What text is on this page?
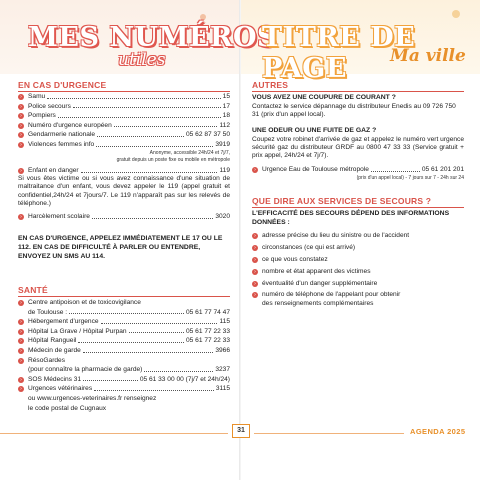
MES NUMÉROS
utiles
TITRE DE PAGE	Ma ville
EN CAS D'URGENCE
› Samu	15
› Police secours	17
› Pompiers	18
› Numéro d'urgence européen	112
› Gendarmerie nationale	05 62 87 37 50
› Violences femmes info	3919
Anonyme, accessible 24h/24 et 7j/7,
gratuit depuis un poste fixe ou mobile en métropole
› Enfant en danger	119
Si vous êtes victime ou si vous avez connaissance d'une situation de maltraitance d'un enfant, vous devez appeler le 119 (appel gratuit et confidentiel,24h/24 et 7jours/7. Le 119 n'apparaît pas sur les relevés de téléphone.)
› Harcèlement scolaire	3020
EN CAS D'URGENCE, APPELEZ IMMÉDIATEMENT LE 17 OU LE 112. EN CAS DE DIFFICULTÉ À PARLER OU ENTENDRE, ENVOYEZ UN SMS AU 114.
SANTÉ
› Centre antipoison et de toxicovigilance
de Toulouse :	05 61 77 74 47
› Hébergement d'urgence	115
› Hôpital La Grave / Hôpital Purpan	05 61 77 22 33
› Hôpital Rangueil	05 61 77 22 33
› Médecin de garde	3966
› RésoGardes
(pour connaître la pharmacie de garde)	3237
› SOS Médecins 31	05 61 33 00 00 (7j/7 et 24h/24)
› Urgences vétérinaires	3115
ou www.urgences-veterinaires.fr renseignez
le code postal de Cugnaux
AUTRES
VOUS AVEZ UNE COUPURE DE COURANT ?
Contactez le service dépannage du distributeur Enedis au 09 726 750 31 (prix d'un appel local).
UNE ODEUR OU UNE FUITE DE GAZ ?
Coupez votre robinet d'arrivée de gaz et appelez le numéro vert urgence sécurité gaz du distributeur GRDF au 0800 47 33 33 (Service gratuit + prix appel, 24h/24 et 7j/7).
› Urgence Eau de Toulouse métropole	05 61 201 201
(prix d'un appel local) - 7 jours sur 7 - 24h sur 24
QUE DIRE AUX SERVICES DE SECOURS ?
L'EFFICACITÉ DES SECOURS DÉPEND DES INFORMATIONS DONNÉES :
› adresse précise du lieu du sinistre ou de l'accident
› circonstances (ce qui est arrivé)
› ce que vous constatez
› nombre et état apparent des victimes
› éventualité d'un danger supplémentaire
› numéro de téléphone de l'appelant pour obtenir
des renseignements complémentaires
31	AGENDA 2025
